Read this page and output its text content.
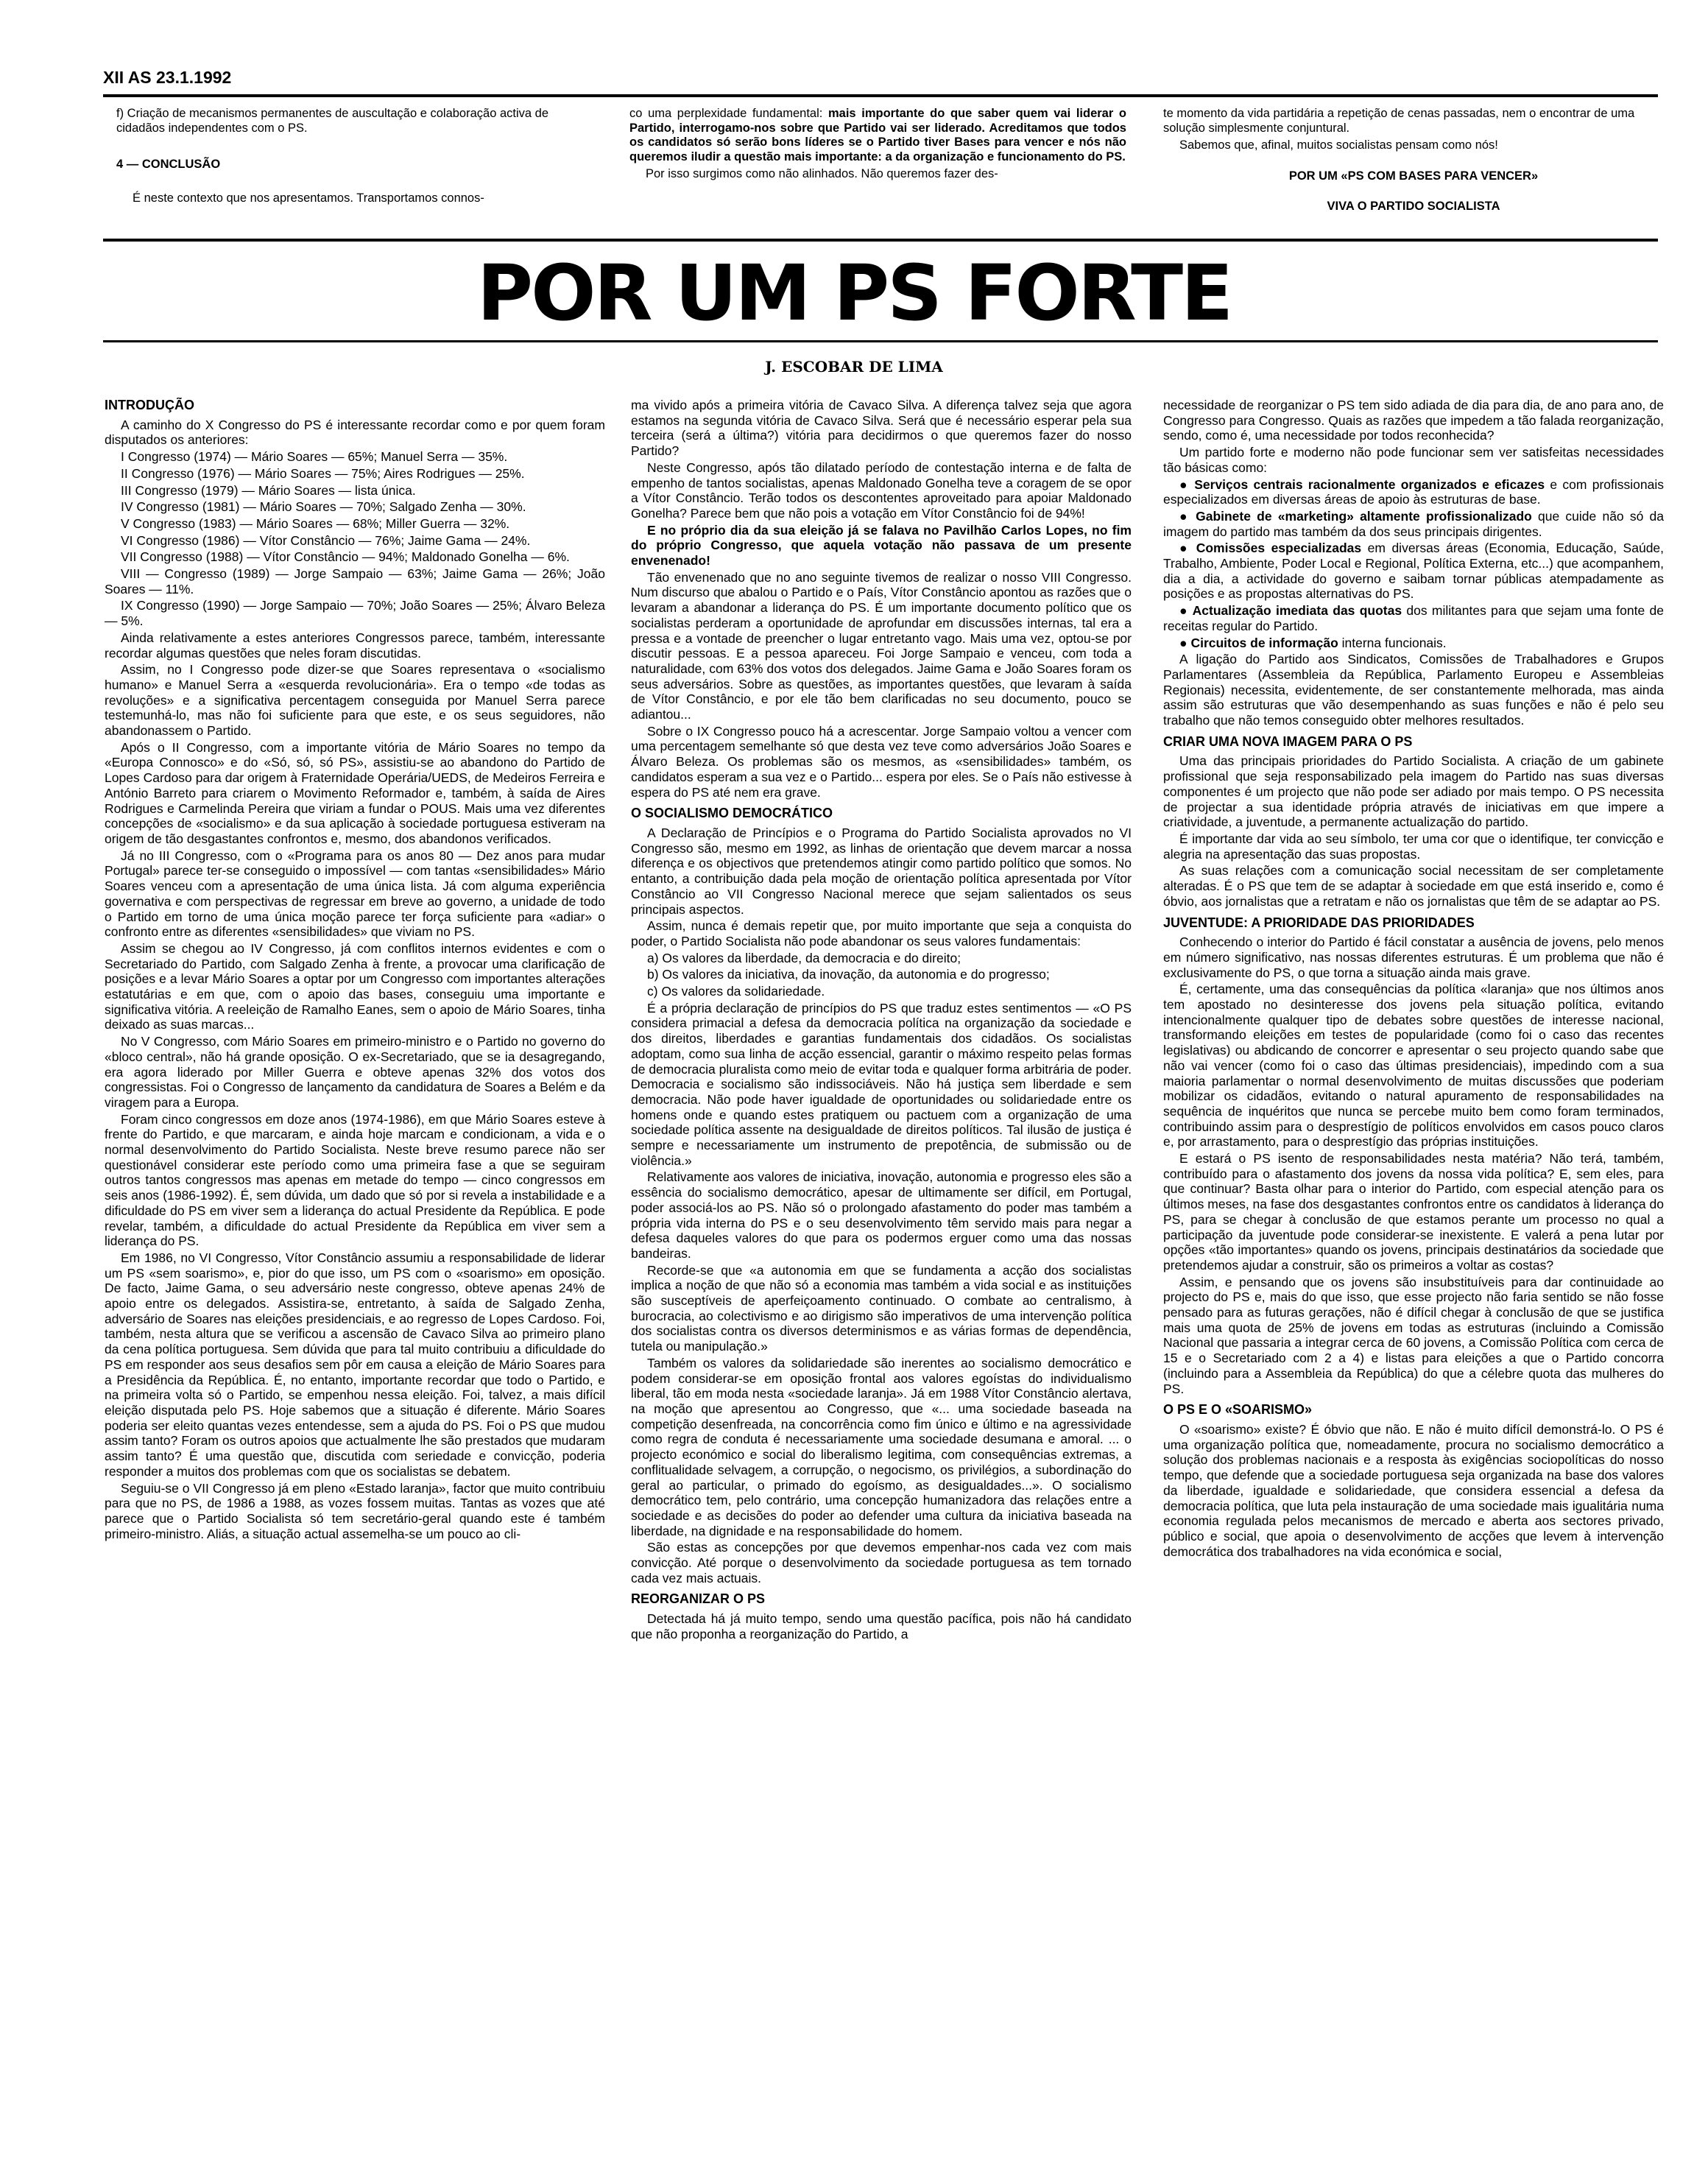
XII AS 23.1.1992

f) Criação de mecanismos permanentes de auscultação e colaboração activa de cidadãos independentes com o PS.

4 — CONCLUSÃO

É neste contexto que nos apresentamos. Transportamos connos-

co uma perplexidade fundamental: mais importante do que saber quem vai liderar o Partido, interrogamo-nos sobre que Partido vai ser liderado. Acreditamos que todos os candidatos só serão bons líderes se o Partido tiver Bases para vencer e nós não queremos iludir a questão mais importante: a da organização e funcionamento do PS.

Por isso surgimos como não alinhados. Não queremos fazer des-

te momento da vida partidária a repetição de cenas passadas, nem o encontrar de uma solução simplesmente conjuntural.

Sabemos que, afinal, muitos socialistas pensam como nós!

POR UM «PS COM BASES PARA VENCER»

VIVA O PARTIDO SOCIALISTA

POR UM PS FORTE
J. ESCOBAR DE LIMA
INTRODUÇÃO

A caminho do X Congresso do PS é interessante recordar como e por quem foram disputados os anteriores:

I Congresso (1974) — Mário Soares — 65%; Manuel Serra — 35%.

II Congresso (1976) — Mário Soares — 75%; Aires Rodrigues — 25%.

III Congresso (1979) — Mário Soares — lista única.

IV Congresso (1981) — Mário Soares — 70%; Salgado Zenha — 30%.

V Congresso (1983) — Mário Soares — 68%; Miller Guerra — 32%.

VI Congresso (1986) — Vítor Constâncio — 76%; Jaime Gama — 24%.

VII Congresso (1988) — Vítor Constâncio — 94%; Maldonado Gonelha — 6%.

VIII — Congresso (1989) — Jorge Sampaio — 63%; Jaime Gama — 26%; João Soares — 11%.

IX Congresso (1990) — Jorge Sampaio — 70%; João Soares — 25%; Álvaro Beleza — 5%.

Ainda relativamente a estes anteriores Congressos parece, também, interessante recordar algumas questões que neles foram discutidas.

Assim, no I Congresso pode dizer-se que Soares representava o «socialismo humano» e Manuel Serra a «esquerda revolucionária». Era o tempo «de todas as revoluções» e a significativa percentagem conseguida por Manuel Serra parece testemunhá-lo, mas não foi suficiente para que este, e os seus seguidores, não abandonassem o Partido.

Após o II Congresso, com a importante vitória de Mário Soares no tempo da «Europa Connosco» e do «Só, só, só PS», assistiu-se ao abandono do Partido de Lopes Cardoso para dar origem à Fraternidade Operária/UEDS, de Medeiros Ferreira e António Barreto para criarem o Movimento Reformador e, também, à saída de Aires Rodrigues e Carmelinda Pereira que viriam a fundar o POUS. Mais uma vez diferentes concepções de «socialismo» e da sua aplicação à sociedade portuguesa estiveram na origem de tão desgastantes confrontos e, mesmo, dos abandonos verificados.

Já no III Congresso, com o «Programa para os anos 80 — Dez anos para mudar Portugal» parece ter-se conseguido o impossível — com tantas «sensibilidades» Mário Soares venceu com a apresentação de uma única lista. Já com alguma experiência governativa e com perspectivas de regressar em breve ao governo, a unidade de todo o Partido em torno de uma única moção parece ter força suficiente para «adiar» o confronto entre as diferentes «sensibilidades» que viviam no PS.

Assim se chegou ao IV Congresso, já com conflitos internos evidentes e com o Secretariado do Partido, com Salgado Zenha à frente, a provocar uma clarificação de posições e a levar Mário Soares a optar por um Congresso com importantes alterações estatutárias e em que, com o apoio das bases, conseguiu uma importante e significativa vitória. A reeleição de Ramalho Eanes, sem o apoio de Mário Soares, tinha deixado as suas marcas...

No V Congresso, com Mário Soares em primeiro-ministro e o Partido no governo do «bloco central», não há grande oposição. O ex-Secretariado, que se ia desagregando, era agora liderado por Miller Guerra e obteve apenas 32% dos votos dos congressistas. Foi o Congresso de lançamento da candidatura de Soares a Belém e da viragem para a Europa.

Foram cinco congressos em doze anos (1974-1986), em que Mário Soares esteve à frente do Partido, e que marcaram, e ainda hoje marcam e condicionam, a vida e o normal desenvolvimento do Partido Socialista. Neste breve resumo parece não ser questionável considerar este período como uma primeira fase a que se seguiram outros tantos congressos mas apenas em metade do tempo — cinco congressos em seis anos (1986-1992). É, sem dúvida, um dado que só por si revela a instabilidade e a dificuldade do PS em viver sem a liderança do actual Presidente da República. E pode revelar, também, a dificuldade do actual Presidente da República em viver sem a liderança do PS.

Em 1986, no VI Congresso, Vítor Constâncio assumiu a responsabilidade de liderar um PS «sem soarismo», e, pior do que isso, um PS com o «soarismo» em oposição. De facto, Jaime Gama, o seu adversário neste congresso, obteve apenas 24% de apoio entre os delegados. Assistira-se, entretanto, à saída de Salgado Zenha, adversário de Soares nas eleições presidenciais, e ao regresso de Lopes Cardoso. Foi, também, nesta altura que se verificou a ascensão de Cavaco Silva ao primeiro plano da cena política portuguesa. Sem dúvida que para tal muito contribuiu a dificuldade do PS em responder aos seus desafios sem pôr em causa a eleição de Mário Soares para a Presidência da República. É, no entanto, importante recordar que todo o Partido, e na primeira volta só o Partido, se empenhou nessa eleição. Foi, talvez, a mais difícil eleição disputada pelo PS. Hoje sabemos que a situação é diferente. Mário Soares poderia ser eleito quantas vezes entendesse, sem a ajuda do PS. Foi o PS que mudou assim tanto? Foram os outros apoios que actualmente lhe são prestados que mudaram assim tanto? É uma questão que, discutida com seriedade e convicção, poderia responder a muitos dos problemas com que os socialistas se debatem.

Seguiu-se o VII Congresso já em pleno «Estado laranja», factor que muito contribuiu para que no PS, de 1986 a 1988, as vozes fossem muitas. Tantas as vozes que até parece que o Partido Socialista só tem secretário-geral quando este é também primeiro-ministro. Aliás, a situação actual assemelha-se um pouco ao cli-

ma vivido após a primeira vitória de Cavaco Silva. A diferença talvez seja que agora estamos na segunda vitória de Cavaco Silva. Será que é necessário esperar pela sua terceira (será a última?) vitória para decidirmos o que queremos fazer do nosso Partido?

Neste Congresso, após tão dilatado período de contestação interna e de falta de empenho de tantos socialistas, apenas Maldonado Gonelha teve a coragem de se opor a Vítor Constâncio. Terão todos os descontentes aproveitado para apoiar Maldonado Gonelha? Parece bem que não pois a votação em Vítor Constâncio foi de 94%!

E no próprio dia da sua eleição já se falava no Pavilhão Carlos Lopes, no fim do próprio Congresso, que aquela votação não passava de um presente envenenado!

Tão envenenado que no ano seguinte tivemos de realizar o nosso VIII Congresso. Num discurso que abalou o Partido e o País, Vítor Constâncio apontou as razões que o levaram a abandonar a liderança do PS. É um importante documento político que os socialistas perderam a oportunidade de aprofundar em discussões internas, tal era a pressa e a vontade de preencher o lugar entretanto vago. Mais uma vez, optou-se por discutir pessoas. E a pessoa apareceu. Foi Jorge Sampaio e venceu, com toda a naturalidade, com 63% dos votos dos delegados. Jaime Gama e João Soares foram os seus adversários. Sobre as questões, as importantes questões, que levaram à saída de Vítor Constâncio, e por ele tão bem clarificadas no seu documento, pouco se adiantou...

Sobre o IX Congresso pouco há a acrescentar. Jorge Sampaio voltou a vencer com uma percentagem semelhante só que desta vez teve como adversários João Soares e Álvaro Beleza. Os problemas são os mesmos, as «sensibilidades» também, os candidatos esperam a sua vez e o Partido... espera por eles. Se o País não estivesse à espera do PS até nem era grave.

O SOCIALISMO DEMOCRÁTICO

A Declaração de Princípios e o Programa do Partido Socialista aprovados no VI Congresso são, mesmo em 1992, as linhas de orientação que devem marcar a nossa diferença e os objectivos que pretendemos atingir como partido político que somos. No entanto, a contribuição dada pela moção de orientação política apresentada por Vítor Constâncio ao VII Congresso Nacional merece que sejam salientados os seus principais aspectos.

Assim, nunca é demais repetir que, por muito importante que seja a conquista do poder, o Partido Socialista não pode abandonar os seus valores fundamentais:

a) Os valores da liberdade, da democracia e do direito;

b) Os valores da iniciativa, da inovação, da autonomia e do progresso;

c) Os valores da solidariedade.

É a própria declaração de princípios do PS que traduz estes sentimentos — «O PS considera primacial a defesa da democracia política na organização da sociedade e dos direitos, liberdades e garantias fundamentais dos cidadãos. Os socialistas adoptam, como sua linha de acção essencial, garantir o máximo respeito pelas formas de democracia pluralista como meio de evitar toda e qualquer forma arbitrária de poder. Democracia e socialismo são indissociáveis. Não há justiça sem liberdade e sem democracia. Não pode haver igualdade de oportunidades ou solidariedade entre os homens onde e quando estes pratiquem ou pactuem com a organização de uma sociedade política assente na desigualdade de direitos políticos. Tal ilusão de justiça é sempre e necessariamente um instrumento de prepotência, de submissão ou de violência.»

Relativamente aos valores de iniciativa, inovação, autonomia e progresso eles são a essência do socialismo democrático, apesar de ultimamente ser difícil, em Portugal, poder associá-los ao PS. Não só o prolongado afastamento do poder mas também a própria vida interna do PS e o seu desenvolvimento têm servido mais para negar a defesa daqueles valores do que para os podermos erguer como uma das nossas bandeiras.

Recorde-se que «a autonomia em que se fundamenta a acção dos socialistas implica a noção de que não só a economia mas também a vida social e as instituições são susceptíveis de aperfeiçoamento continuado. O combate ao centralismo, à burocracia, ao colectivismo e ao dirigismo são imperativos de uma intervenção política dos socialistas contra os diversos determinismos e as várias formas de dependência, tutela ou manipulação.»

Também os valores da solidariedade são inerentes ao socialismo democrático e podem considerar-se em oposição frontal aos valores egoístas do individualismo liberal, tão em moda nesta «sociedade laranja». Já em 1988 Vítor Constâncio alertava, na moção que apresentou ao Congresso, que «... uma sociedade baseada na competição desenfreada, na concorrência como fim único e último e na agressividade como regra de conduta é necessariamente uma sociedade desumana e amoral. ... o projecto económico e social do liberalismo legitima, com consequências extremas, a conflitualidade selvagem, a corrupção, o negocismo, os privilégios, a subordinação do geral ao particular, o primado do egoísmo, as desigualdades...». O socialismo democrático tem, pelo contrário, uma concepção humanizadora das relações entre a sociedade e as decisões do poder ao defender uma cultura da iniciativa baseada na liberdade, na dignidade e na responsabilidade do homem.

São estas as concepções por que devemos empenhar-nos cada vez com mais convicção. Até porque o desenvolvimento da sociedade portuguesa as tem tornado cada vez mais actuais.

REORGANIZAR O PS

Detectada há já muito tempo, sendo uma questão pacífica, pois não há candidato que não proponha a reorganização do Partido, a

necessidade de reorganizar o PS tem sido adiada de dia para dia, de ano para ano, de Congresso para Congresso. Quais as razões que impedem a tão falada reorganização, sendo, como é, uma necessidade por todos reconhecida?

Um partido forte e moderno não pode funcionar sem ver satisfeitas necessidades tão básicas como:

● Serviços centrais racionalmente organizados e eficazes e com profissionais especializados em diversas áreas de apoio às estruturas de base.

● Gabinete de «marketing» altamente profissionalizado que cuide não só da imagem do partido mas também da dos seus principais dirigentes.

● Comissões especializadas em diversas áreas (Economia, Educação, Saúde, Trabalho, Ambiente, Poder Local e Regional, Política Externa, etc...) que acompanhem, dia a dia, a actividade do governo e saibam tornar públicas atempadamente as posições e as propostas alternativas do PS.

● Actualização imediata das quotas dos militantes para que sejam uma fonte de receitas regular do Partido.

● Circuitos de informação interna funcionais.

A ligação do Partido aos Sindicatos, Comissões de Trabalhadores e Grupos Parlamentares (Assembleia da República, Parlamento Europeu e Assembleias Regionais) necessita, evidentemente, de ser constantemente melhorada, mas ainda assim são estruturas que vão desempenhando as suas funções e não é pelo seu trabalho que não temos conseguido obter melhores resultados.

CRIAR UMA NOVA IMAGEM PARA O PS

Uma das principais prioridades do Partido Socialista. A criação de um gabinete profissional que seja responsabilizado pela imagem do Partido nas suas diversas componentes é um projecto que não pode ser adiado por mais tempo. O PS necessita de projectar a sua identidade própria através de iniciativas em que impere a criatividade, a juventude, a permanente actualização do partido.

É importante dar vida ao seu símbolo, ter uma cor que o identifique, ter convicção e alegria na apresentação das suas propostas.

As suas relações com a comunicação social necessitam de ser completamente alteradas. É o PS que tem de se adaptar à sociedade em que está inserido e, como é óbvio, aos jornalistas que a retratam e não os jornalistas que têm de se adaptar ao PS.

JUVENTUDE: A PRIORIDADE DAS PRIORIDADES

Conhecendo o interior do Partido é fácil constatar a ausência de jovens, pelo menos em número significativo, nas nossas diferentes estruturas. É um problema que não é exclusivamente do PS, o que torna a situação ainda mais grave.

É, certamente, uma das consequências da política «laranja» que nos últimos anos tem apostado no desinteresse dos jovens pela situação política, evitando intencionalmente qualquer tipo de debates sobre questões de interesse nacional, transformando eleições em testes de popularidade (como foi o caso das recentes legislativas) ou abdicando de concorrer e apresentar o seu projecto quando sabe que não vai vencer (como foi o caso das últimas presidenciais), impedindo com a sua maioria parlamentar o normal desenvolvimento de muitas discussões que poderiam mobilizar os cidadãos, evitando o natural apuramento de responsabilidades na sequência de inquéritos que nunca se percebe muito bem como foram terminados, contribuindo assim para o desprestígio de políticos envolvidos em casos pouco claros e, por arrastamento, para o desprestígio das próprias instituições.

E estará o PS isento de responsabilidades nesta matéria? Não terá, também, contribuído para o afastamento dos jovens da nossa vida política? E, sem eles, para que continuar? Basta olhar para o interior do Partido, com especial atenção para os últimos meses, na fase dos desgastantes confrontos entre os candidatos à liderança do PS, para se chegar à conclusão de que estamos perante um processo no qual a participação da juventude pode considerar-se inexistente. E valerá a pena lutar por opções «tão importantes» quando os jovens, principais destinatários da sociedade que pretendemos ajudar a construir, são os primeiros a voltar as costas?

Assim, e pensando que os jovens são insubstituíveis para dar continuidade ao projecto do PS e, mais do que isso, que esse projecto não faria sentido se não fosse pensado para as futuras gerações, não é difícil chegar à conclusão de que se justifica mais uma quota de 25% de jovens em todas as estruturas (incluindo a Comissão Nacional que passaria a integrar cerca de 60 jovens, a Comissão Política com cerca de 15 e o Secretariado com 2 a 4) e listas para eleições a que o Partido concorra (incluindo para a Assembleia da República) do que a célebre quota das mulheres do PS.

O PS E O «SOARISMO»

O «soarismo» existe? É óbvio que não. E não é muito difícil demonstrá-lo. O PS é uma organização política que, nomeadamente, procura no socialismo democrático a solução dos problemas nacionais e a resposta às exigências sociopolíticas do nosso tempo, que defende que a sociedade portuguesa seja organizada na base dos valores da liberdade, igualdade e solidariedade, que considera essencial a defesa da democracia política, que luta pela instauração de uma sociedade mais igualitária numa economia regulada pelos mecanismos de mercado e aberta aos sectores privado, público e social, que apoia o desenvolvimento de acções que levem à intervenção democrática dos trabalhadores na vida económica e social,
